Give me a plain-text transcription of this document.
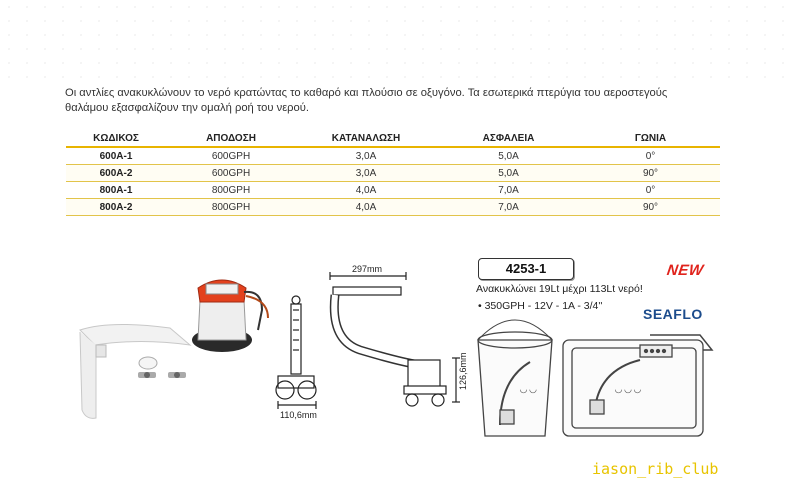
Οι αντλίες ανακυκλώνουν το νερό κρατώντας το καθαρό και πλούσιο σε οξυγόνο. Τα εσωτερικά πτερύγια του αεροστεγούς

θαλάμου εξασφαλίζουν την ομαλή ροή του νερού.

ΚΩΔΙΚΟΣ	ΑΠΟΔΟΣΗ	ΚΑΤΑΝΑΛΩΣΗ	ΑΣΦΑΛΕΙΑ	ΓΩΝΙΑ
600A-1	600GPH	3,0A	5,0A	0°
600A-2	600GPH	3,0A	5,0A	90°
800A-1	800GPH	4,0A	7,0A	0°
800A-2	800GPH	4,0A	7,0A	90°
◟◞ ◟◞	◟◞ ◟◞ ◟◞
297mm
126,6mm
110,6mm
4253-1
Ανακυκλώνει 19Lt μέχρι 113Lt νερό!
• 350GPH - 12V - 1A - 3/4''
NEW
SEAFLO
iason_rib_club
